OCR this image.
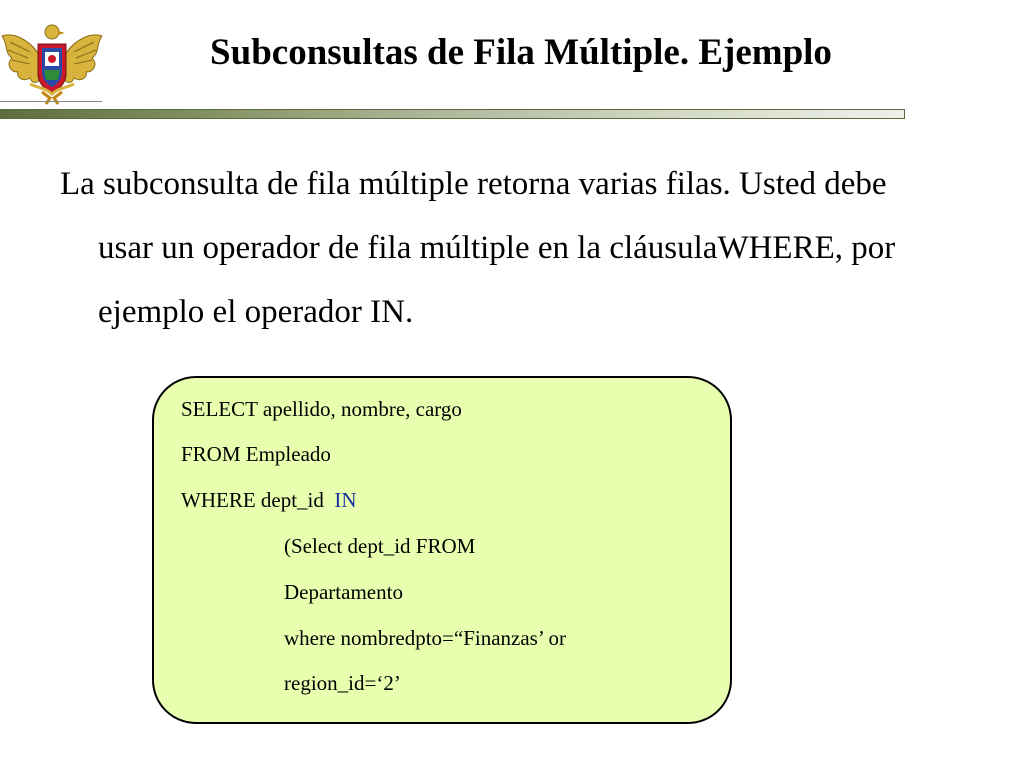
Subconsultas de Fila Múltiple. Ejemplo

La subconsulta de fila múltiple retorna varias filas. Usted debe usar un operador de fila múltiple en la cláusulaWHERE, por ejemplo el operador IN.

SELECT apellido, nombre, cargo
FROM Empleado
WHERE dept_id  IN
(Select dept_id FROM
Departamento
where nombredpto=“Finanzas’ or
region_id=‘2’
